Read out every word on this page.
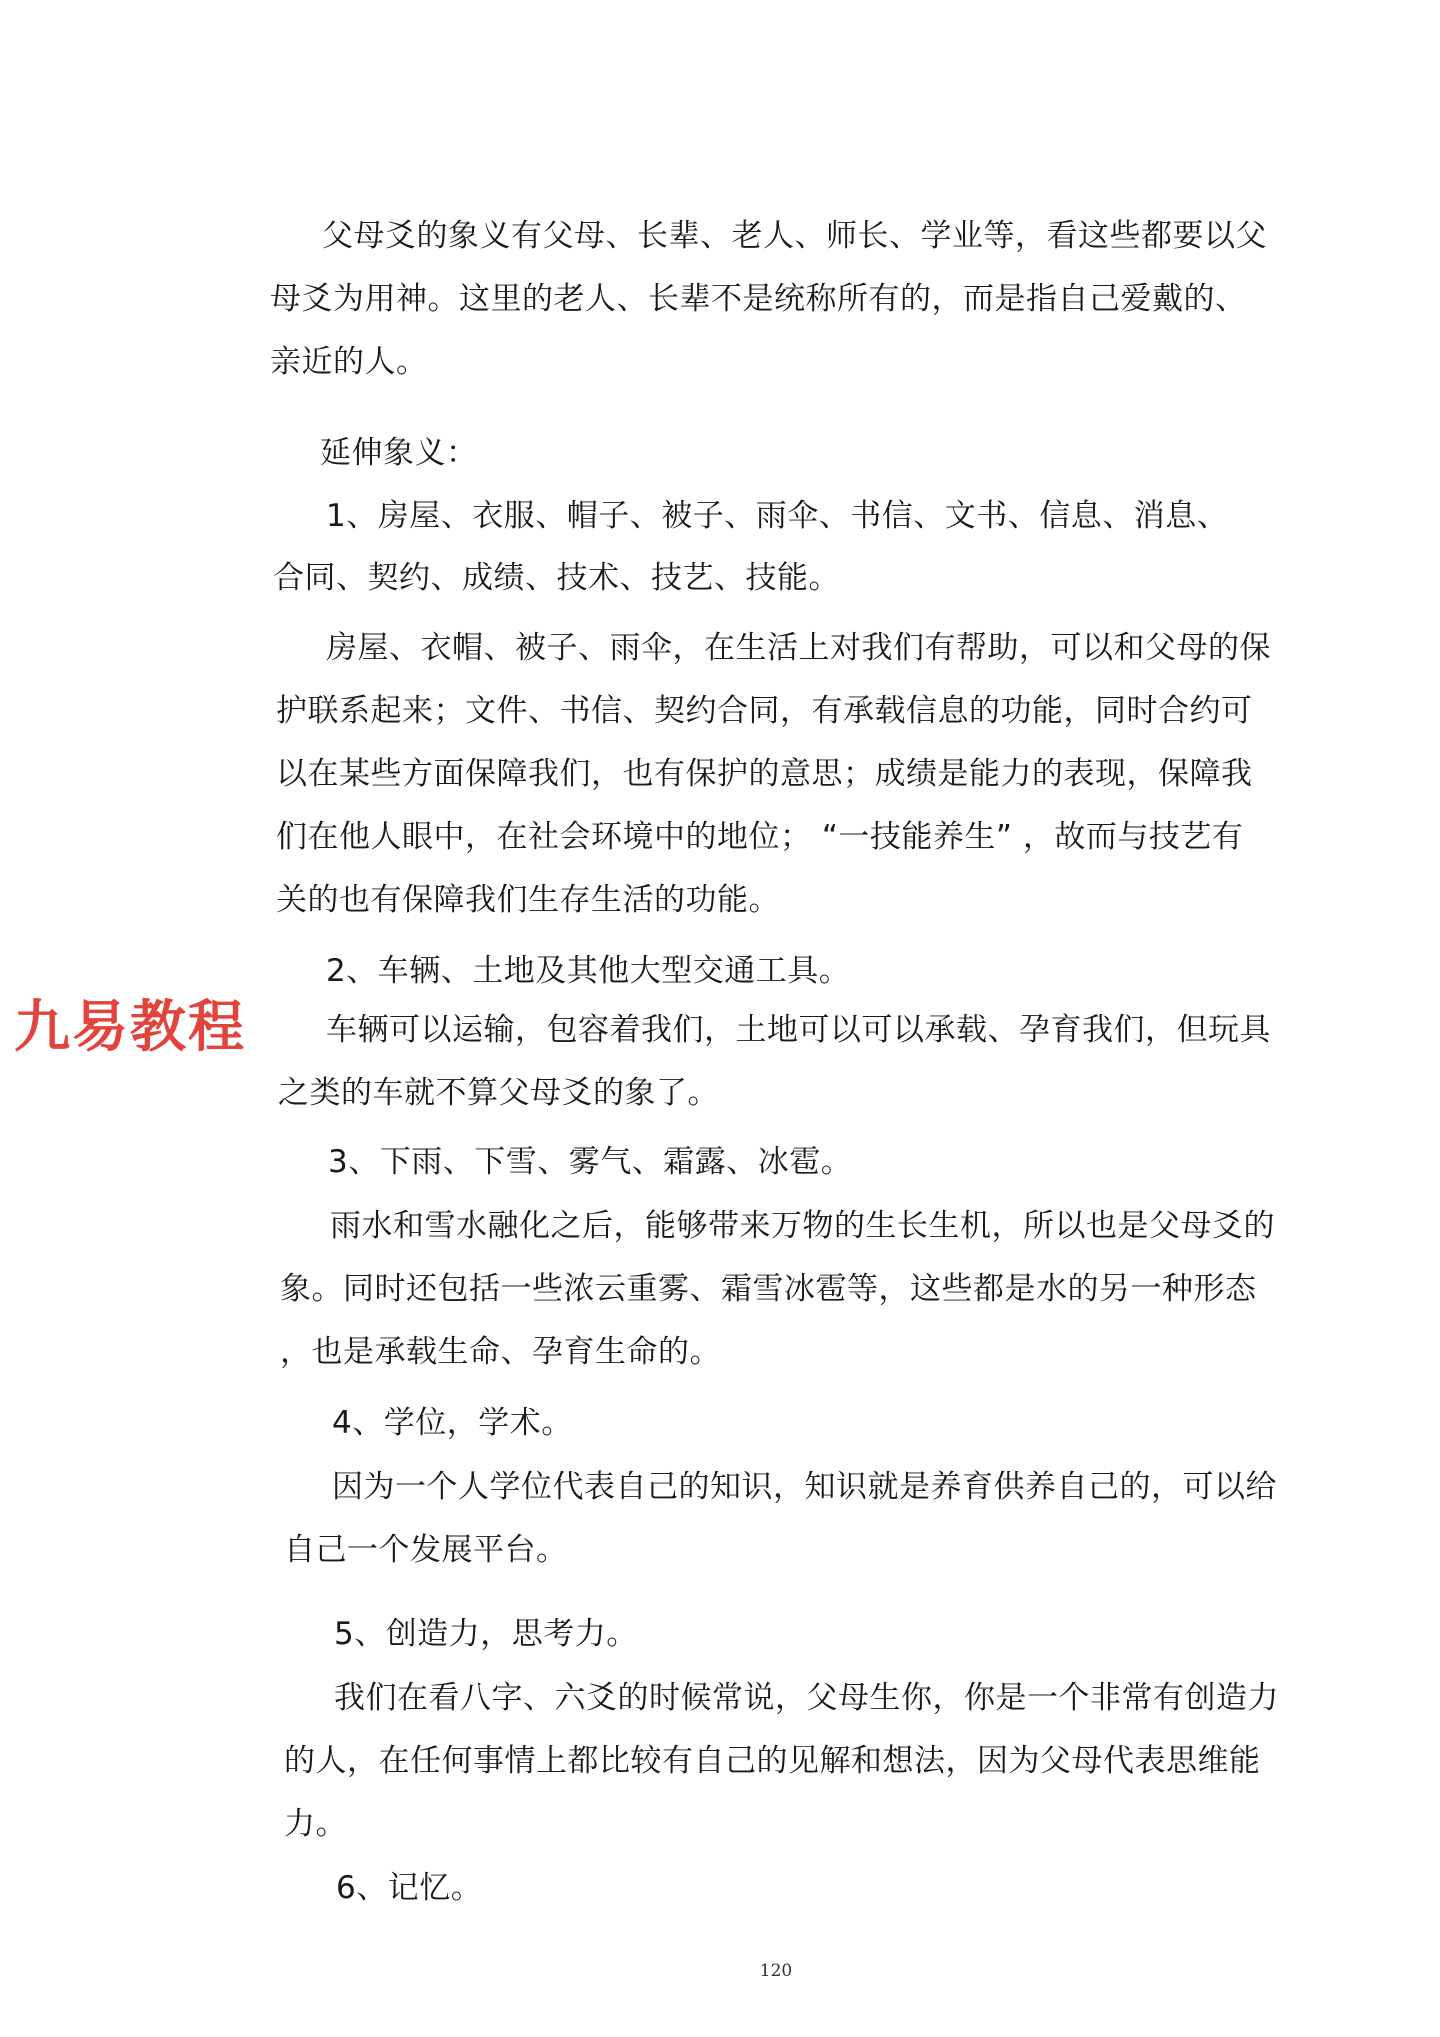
父母爻的象义有父母、长辈、老人、师长、学业等，看这些都要以父
母爻为用神。这里的老人、长辈不是统称所有的，而是指自己爱戴的、
亲近的人。
延伸象义：
1、房屋、衣服、帽子、被子、雨伞、书信、文书、信息、消息、
合同、契约、成绩、技术、技艺、技能。
房屋、衣帽、被子、雨伞，在生活上对我们有帮助，可以和父母的保
护联系起来；文件、书信、契约合同，有承载信息的功能，同时合约可
以在某些方面保障我们，也有保护的意思；成绩是能力的表现，保障我
们在他人眼中，在社会环境中的地位； “一技能养生” ，故而与技艺有
关的也有保障我们生存生活的功能。
2、车辆、土地及其他大型交通工具。
车辆可以运输，包容着我们，土地可以可以承载、孕育我们，但玩具
之类的车就不算父母爻的象了。
3、下雨、下雪、雾气、霜露、冰雹。
雨水和雪水融化之后，能够带来万物的生长生机，所以也是父母爻的
象。同时还包括一些浓云重雾、霜雪冰雹等，这些都是水的另一种形态
，也是承载生命、孕育生命的。
4、学位，学术。
因为一个人学位代表自己的知识，知识就是养育供养自己的，可以给
自己一个发展平台。
5、创造力，思考力。
我们在看八字、六爻的时候常说，父母生你，你是一个非常有创造力
的人，在任何事情上都比较有自己的见解和想法，因为父母代表思维能
力。
6、记忆。
九易教程
120
